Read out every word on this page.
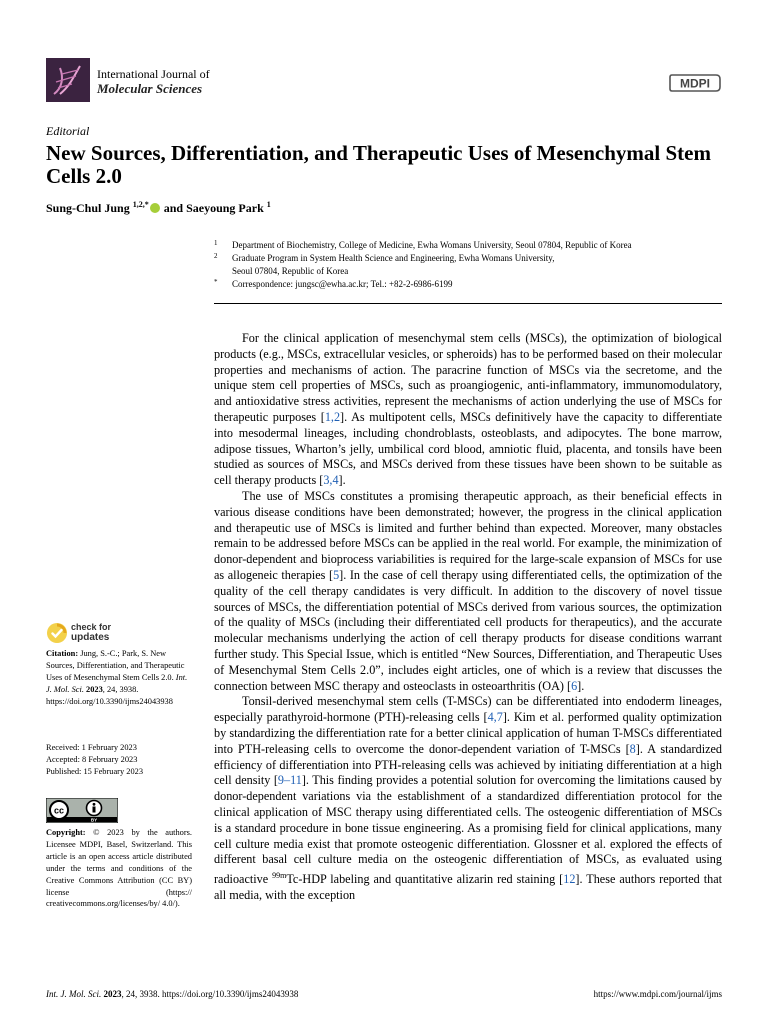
International Journal of
Molecular Sciences	MDPI
Editorial
New Sources, Differentiation, and Therapeutic Uses of Mesenchymal Stem Cells 2.0
Sung-Chul Jung $^{1,2,*}$ and Saeyoung Park $^1$
1 Department of Biochemistry, College of Medicine, Ewha Womans University, Seoul 07804, Republic of Korea
2 Graduate Program in System Health Science and Engineering, Ewha Womans University,
Seoul 07804, Republic of Korea
* Correspondence: jungsc@ewha.ac.kr; Tel.: +82-2-6986-6199

For the clinical application of mesenchymal stem cells (MSCs), the optimization of biological products (e.g., MSCs, extracellular vesicles, or spheroids) has to be performed based on their molecular properties and mechanisms of action. The paracrine function of MSCs via the secretome, and the unique stem cell properties of MSCs, such as proangiogenic, anti-inflammatory, immunomodulatory, and antioxidative stress activities, represent the mechanisms of action underlying the use of MSCs for therapeutic purposes [1,2]. As multipotent cells, MSCs definitively have the capacity to differentiate into mesodermal lineages, including chondroblasts, osteoblasts, and adipocytes. The bone marrow, adipose tissues, Wharton’s jelly, umbilical cord blood, amniotic fluid, placenta, and tonsils have been studied as sources of MSCs, and MSCs derived from these tissues have been shown to be suitable as cell therapy products [3,4].

The use of MSCs constitutes a promising therapeutic approach, as their beneficial effects in various disease conditions have been demonstrated; however, the progress in the clinical application and therapeutic use of MSCs is limited and further behind than expected. Moreover, many obstacles remain to be addressed before MSCs can be applied in the real world. For example, the minimization of donor-dependent and bioprocess variabilities is required for the large-scale expansion of MSCs for use as allogeneic therapies [5]. In the case of cell therapy using differentiated cells, the optimization of the quality of the cell therapy candidates is very difficult. In addition to the discovery of novel tissue sources of MSCs, the differentiation potential of MSCs derived from various sources, the optimization of the quality of MSCs (including their differentiated cell products for therapeutics), and the accurate molecular mechanisms underlying the action of cell therapy products for disease conditions warrant further study. This Special Issue, which is entitled “New Sources, Differentiation, and Therapeutic Uses of Mesenchymal Stem Cells 2.0”, includes eight articles, one of which is a review that discusses the connection between MSC therapy and osteoclasts in osteoarthritis (OA) [6].

Tonsil-derived mesenchymal stem cells (T-MSCs) can be differentiated into endoderm lineages, especially parathyroid-hormone (PTH)-releasing cells [4,7]. Kim et al. performed quality optimization by standardizing the differentiation rate for a better clinical application of human T-MSCs differentiated into PTH-releasing cells to overcome the donor-dependent variation of T-MSCs [8]. A standardized efficiency of differentiation into PTH-releasing cells was achieved by initiating differentiation at a high cell density [9–11]. This finding provides a potential solution for overcoming the limitations caused by donor-dependent variations via the establishment of a standardized differentiation protocol for the clinical application of MSC therapy using differentiated cells. The osteogenic differentiation of MSCs is a standard procedure in bone tissue engineering. As a promising field for clinical applications, many cell culture media exist that promote osteogenic differentiation. Glossner et al. explored the effects of different basal cell culture media on the osteogenic differentiation of MSCs, as evaluated using radioactive $^{99m}$Tc-HDP labeling and quantitative alizarin red staining [12]. These authors reported that all media, with the exception

check for
updates
Citation: Jung, S.-C.; Park, S. New Sources, Differentiation, and Therapeutic Uses of Mesenchymal Stem Cells 2.0. Int. J. Mol. Sci. 2023, 24, 3938. https://doi.org/10.3390/ijms24043938
Received: 1 February 2023
Accepted: 8 February 2023
Published: 15 February 2023
cc
BY
Copyright: © 2023 by the authors. Licensee MDPI, Basel, Switzerland. This article is an open access article distributed under the terms and conditions of the Creative Commons Attribution (CC BY) license (https:// creativecommons.org/licenses/by/ 4.0/).
Int. J. Mol. Sci. 2023, 24, 3938. https://doi.org/10.3390/ijms24043938	https://www.mdpi.com/journal/ijms
